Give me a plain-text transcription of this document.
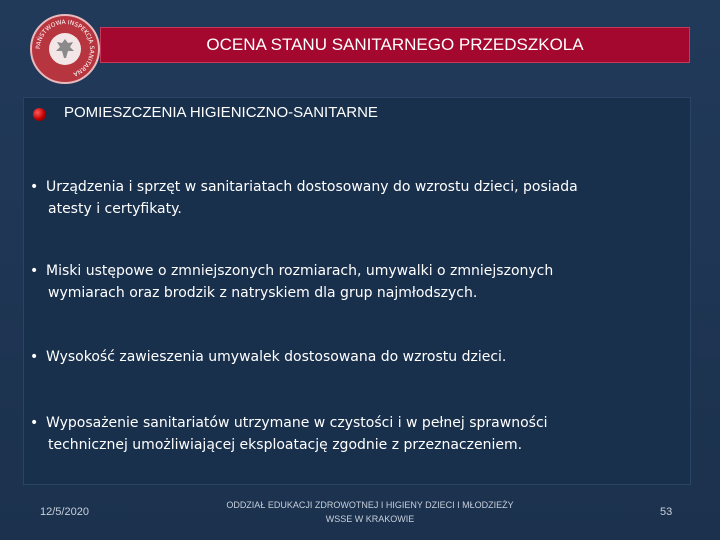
PAŃSTWOWA INSPEKCJA SANITARNA
OCENA STANU SANITARNEGO PRZEDSZKOLA
POMIESZCZENIA HIGIENICZNO-SANITARNE
• Urządzenia i sprzęt w sanitariatach dostosowany do wzrostu dzieci, posiada
atesty i certyfikaty.
• Miski ustępowe o zmniejszonych rozmiarach, umywalki o zmniejszonych
wymiarach oraz brodzik z natryskiem dla grup najmłodszych.
• Wysokość zawieszenia umywalek dostosowana do wzrostu dzieci.
• Wyposażenie sanitariatów utrzymane w czystości i w pełnej sprawności
technicznej umożliwiającej eksploatację zgodnie z przeznaczeniem.
12/5/2020
ODDZIAŁ EDUKACJI ZDROWOTNEJ I HIGIENY DZIECI I MŁODZIEŻY
WSSE W KRAKOWIE
53
